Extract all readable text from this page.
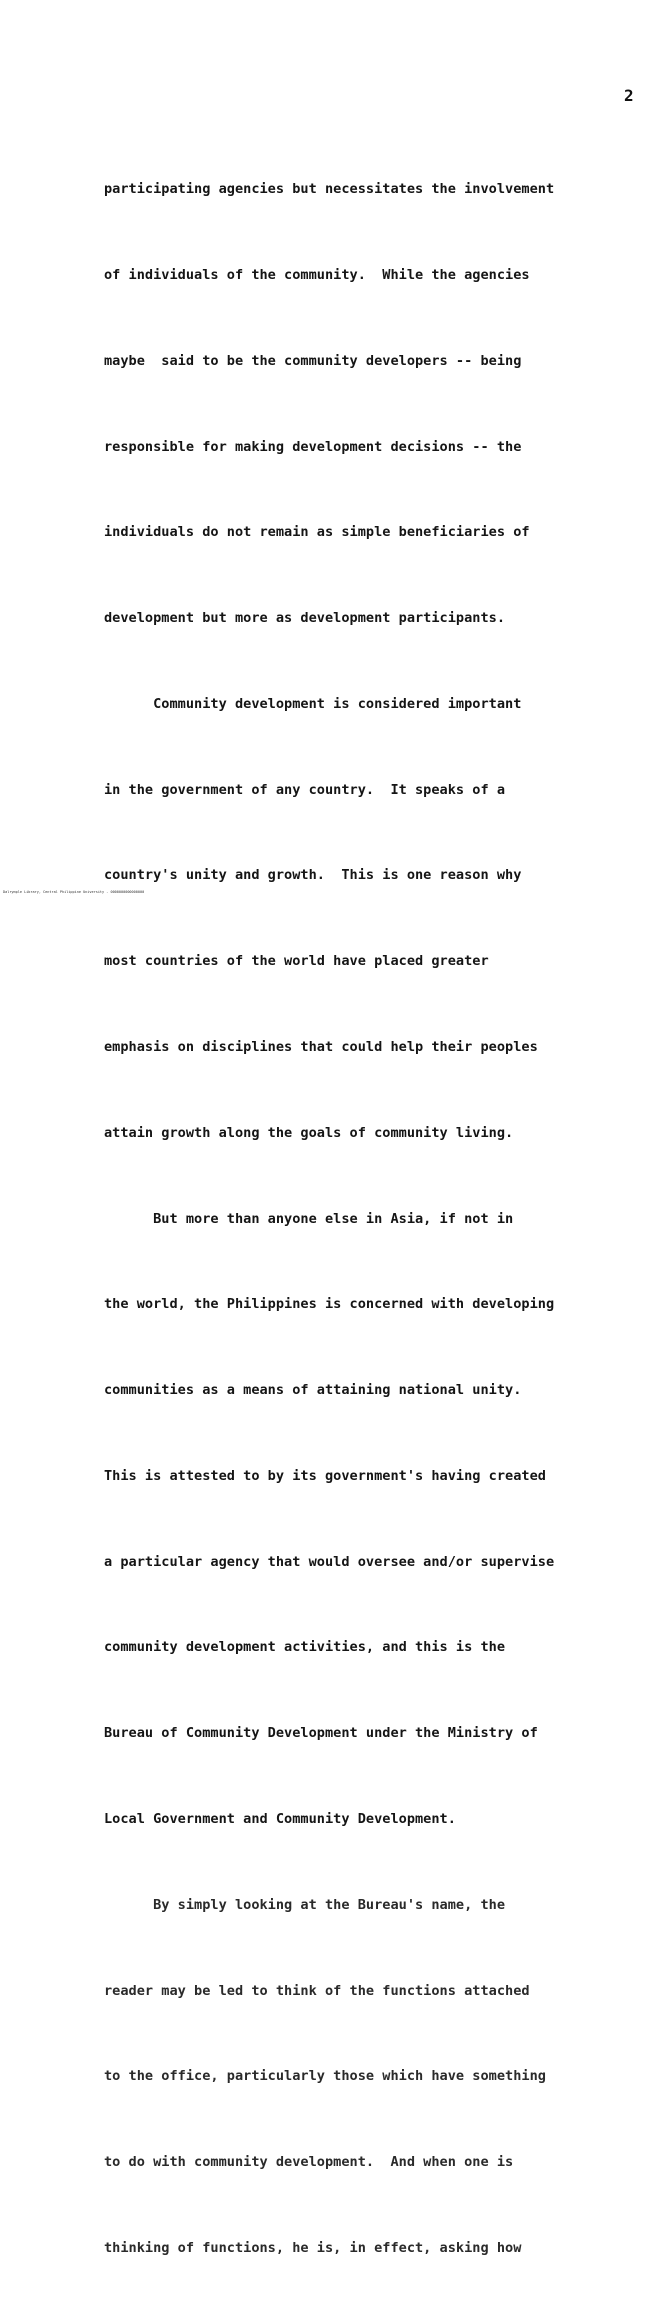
2

participating agencies but necessitates the involvement

of individuals of the community.  While the agencies

maybe  said to be the community developers -- being

responsible for making development decisions -- the

individuals do not remain as simple beneficiaries of

development but more as development participants.

Community development is considered important

in the government of any country.  It speaks of a

country's unity and growth.  This is one reason why

most countries of the world have placed greater

emphasis on disciplines that could help their peoples

attain growth along the goals of community living.

But more than anyone else in Asia, if not in

the world, the Philippines is concerned with developing

communities as a means of attaining national unity.

This is attested to by its government's having created

a particular agency that would oversee and/or supervise

community development activities, and this is the

Bureau of Community Development under the Ministry of

Local Government and Community Development.

By simply looking at the Bureau's name, the

reader may be led to think of the functions attached

to the office, particularly those which have something

to do with community development.  And when one is

thinking of functions, he is, in effect, asking how

Dalrymple Library, Central Philippine University - 0000000000000000
